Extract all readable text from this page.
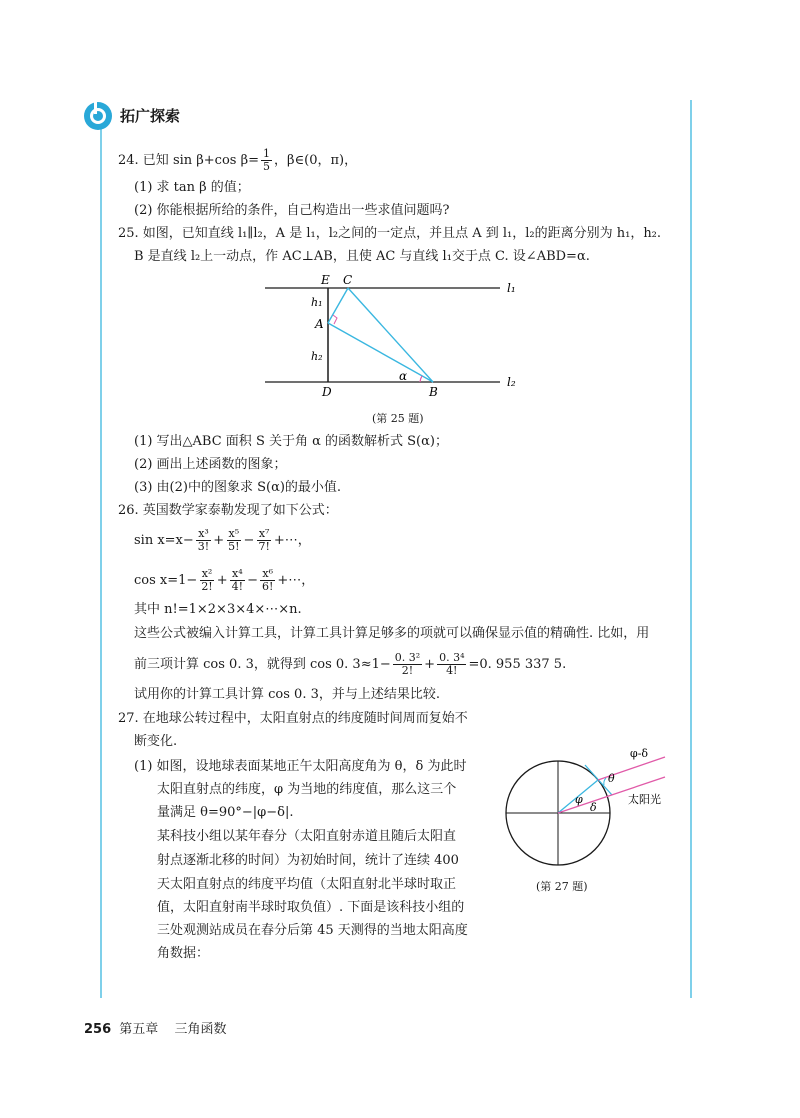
拓广探索
24. 已知 sin β+cos $\beta= \frac{1}{5}$ ，β∈(0，π)，
(1) 求 tan β 的值；
(2) 你能根据所给的条件，自己构造出一些求值问题吗?
25. 如图，已知直线 l₁∥l₂，A 是 l₁，l₂之间的一定点，并且点 A 到 l₁，l₂的距离分别为 h₁，h₂.
B 是直线 l₂上一动点，作 AC⊥AB，且使 AC 与直线 l₁交于点 C. 设∠ABD=α.
E C
l₁
h₁
A
h₂
α
D	B
l₂
(第 25 题)
(1) 写出△ABC 面积 S 关于角 α 的函数解析式 S(α)；
(2) 画出上述函数的图象；
(3) 由(2)中的图象求 S(α)的最小值.
26. 英国数学家泰勒发现了如下公式：
$\sin x=x- \frac{\text{x³}}{3!} + \frac{\text{x⁵}}{5!} - \frac{\text{x⁷}}{7!}$ +⋯，
$\cos x=1- \frac{\text{x²}}{2!} + \frac{\text{x⁴}}{4!} - \frac{\text{x⁶}}{6!}$ +⋯，
其中 n!=1×2×3×4×⋯×n.
这些公式被编入计算工具，计算工具计算足够多的项就可以确保显示值的精确性. 比如，用
前三项计算 cos 0. 3，就得到 cos 0. $3\approx 1- \frac{\text{0. 3²}}{2!} + \frac{\text{0. 3⁴}}{4!} =0$. 955 337 5.
试用你的计算工具计算 cos 0. 3，并与上述结果比较.
27. 在地球公转过程中，太阳直射点的纬度随时间周而复始不
断变化.
(1) 如图，设地球表面某地正午太阳高度角为 θ，δ 为此时
太阳直射点的纬度，φ 为当地的纬度值，那么这三个
量满足 θ=90°−|φ−δ|.
某科技小组以某年春分（太阳直射赤道且随后太阳直
射点逐渐北移的时间）为初始时间，统计了连续 400
天太阳直射点的纬度平均值（太阳直射北半球时取正
值，太阳直射南半球时取负值）. 下面是该科技小组的
三处观测站成员在春分后第 45 天测得的当地太阳高度
角数据：
φ-δ
θ
φ
δ
太阳光
(第 27 题)
256 第五章 三角函数
